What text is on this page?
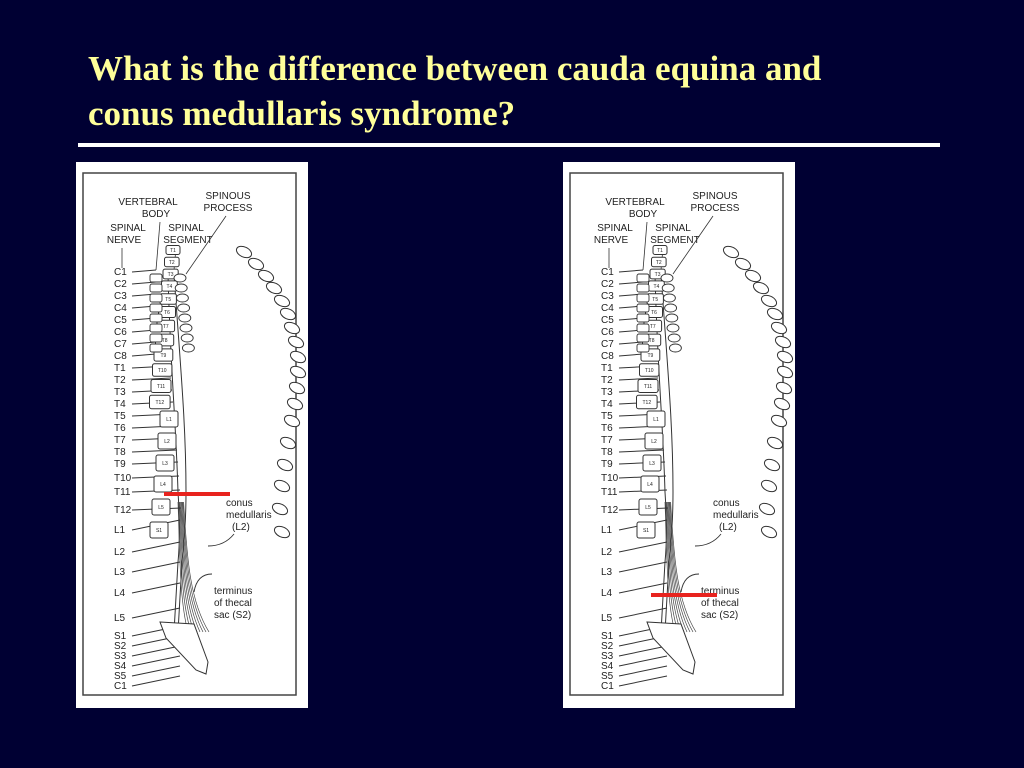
What is the difference between cauda equina and
conus medullaris syndrome?
VERTEBRAL
BODY
SPINOUS
PROCESS
SPINAL
NERVE
SPINAL
SEGMENT
C1
C2
C3
C4
C5
C6
C7
C8
T1
T2
T3
T4
T5
T6
T7
T8
T9
T10
T11
T12
L1
L2
L3
L4
L5
S1
S2
S3
S4
S5
C1
T1
T2
T3
T4
T5
T6
T7
T8
T9
T10
T11
T12
L1
L2
L3
L4
L5
S1
conus
medullaris
(L2)
terminus
of thecal
sac (S2)
VERTEBRAL
BODY
SPINOUS
PROCESS
SPINAL
NERVE
SPINAL
SEGMENT
C1
C2
C3
C4
C5
C6
C7
C8
T1
T2
T3
T4
T5
T6
T7
T8
T9
T10
T11
T12
L1
L2
L3
L4
L5
S1
S2
S3
S4
S5
C1
T1
T2
T3
T4
T5
T6
T7
T8
T9
T10
T11
T12
L1
L2
L3
L4
L5
S1
conus
medullaris
(L2)
terminus
of thecal
sac (S2)
